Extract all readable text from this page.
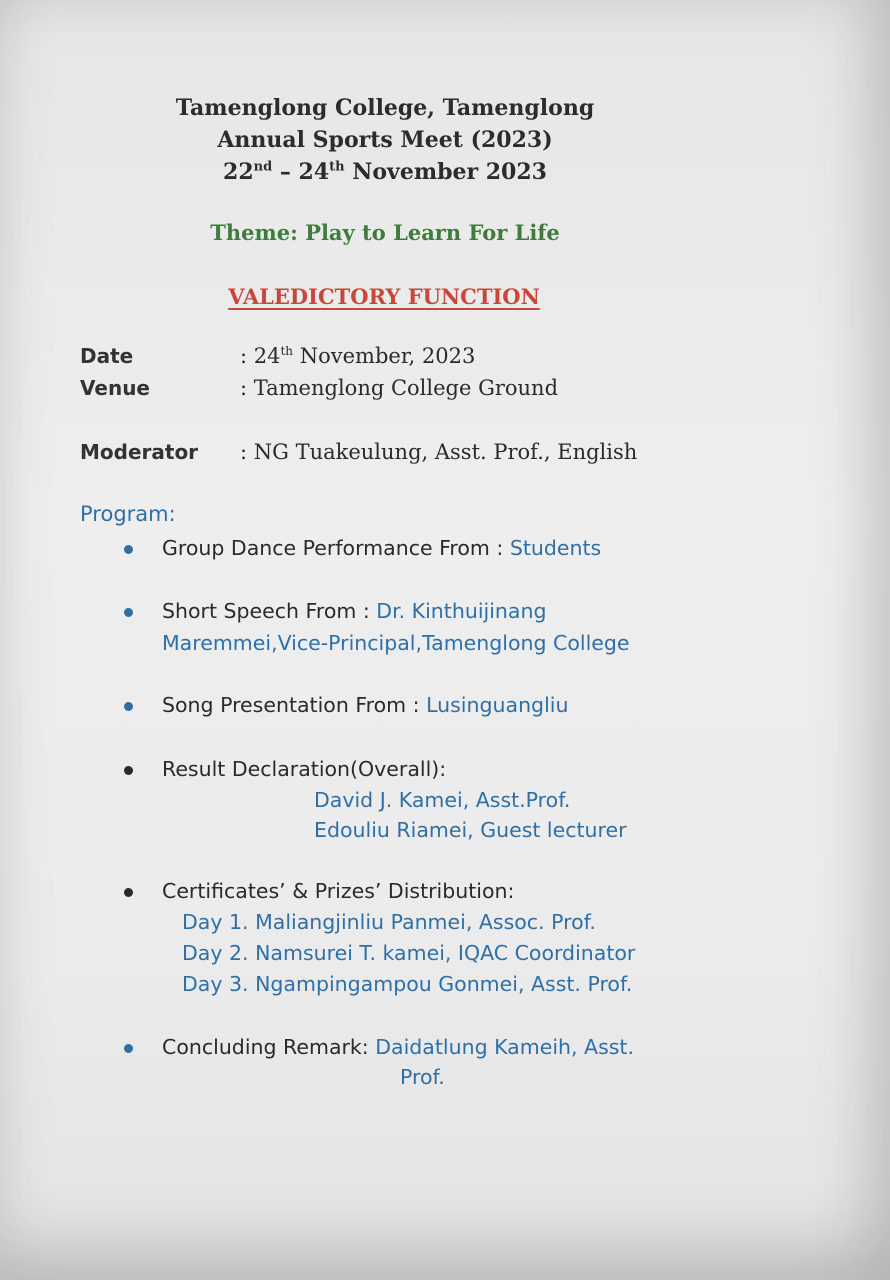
Tamenglong College, Tamenglong
Annual Sports Meet (2023)
22nd – 24th November 2023
Theme: Play to Learn For Life
VALEDICTORY FUNCTION
Date	: 24th November, 2023
Venue	: Tamenglong College Ground
Moderator : NG Tuakeulung, Asst. Prof., English
Program:
Group Dance Performance From : Students
Short Speech From : Dr. Kinthuijinang
Maremmei,Vice-Principal,Tamenglong College
Song Presentation From : Lusinguangliu
Result Declaration(Overall):
David J. Kamei, Asst.Prof.
Edouliu Riamei, Guest lecturer
Certificates’ & Prizes’ Distribution:
Day 1. Maliangjinliu Panmei, Assoc. Prof.
Day 2. Namsurei T. kamei, IQAC Coordinator
Day 3. Ngampingampou Gonmei, Asst. Prof.
Concluding Remark: Daidatlung Kameih, Asst.
Prof.
